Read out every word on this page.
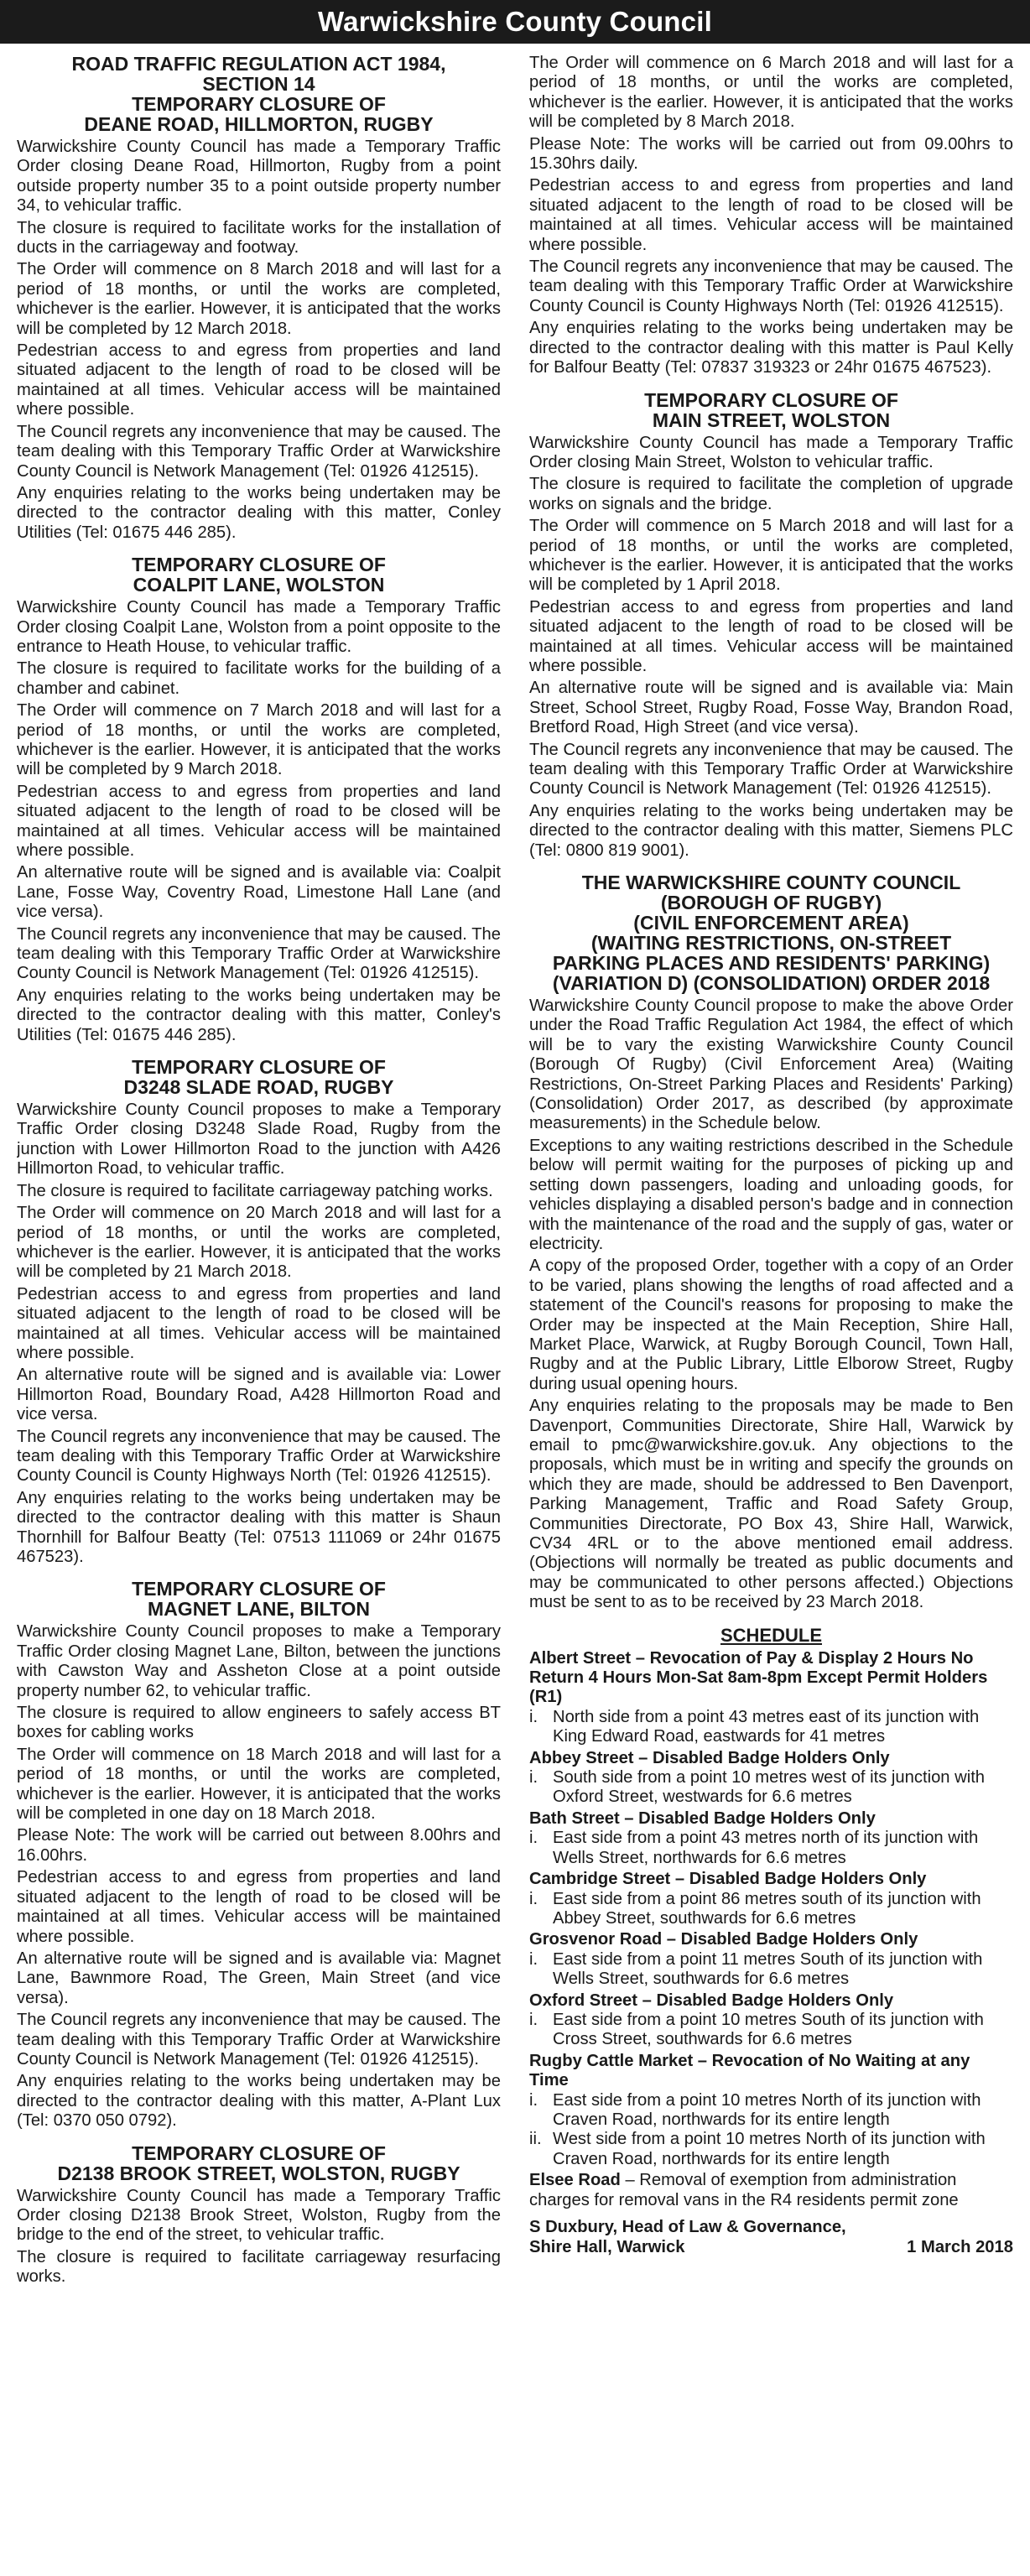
Warwickshire County Council
ROAD TRAFFIC REGULATION ACT 1984,
SECTION 14
TEMPORARY CLOSURE OF
DEANE ROAD, HILLMORTON, RUGBY

Warwickshire County Council has made a Temporary Traffic Order closing Deane Road, Hillmorton, Rugby from a point outside property number 35 to a point outside property number 34, to vehicular traffic.

The closure is required to facilitate works for the installation of ducts in the carriageway and footway.

The Order will commence on 8 March 2018 and will last for a period of 18 months, or until the works are completed, whichever is the earlier. However, it is anticipated that the works will be completed by 12 March 2018.

Pedestrian access to and egress from properties and land situated adjacent to the length of road to be closed will be maintained at all times. Vehicular access will be maintained where possible.

The Council regrets any inconvenience that may be caused. The team dealing with this Temporary Traffic Order at Warwickshire County Council is Network Management (Tel: 01926 412515).

Any enquiries relating to the works being undertaken may be directed to the contractor dealing with this matter, Conley Utilities (Tel: 01675 446 285).

TEMPORARY CLOSURE OF
COALPIT LANE, WOLSTON

Warwickshire County Council has made a Temporary Traffic Order closing Coalpit Lane, Wolston from a point opposite to the entrance to Heath House, to vehicular traffic.

The closure is required to facilitate works for the building of a chamber and cabinet.

The Order will commence on 7 March 2018 and will last for a period of 18 months, or until the works are completed, whichever is the earlier. However, it is anticipated that the works will be completed by 9 March 2018.

Pedestrian access to and egress from properties and land situated adjacent to the length of road to be closed will be maintained at all times. Vehicular access will be maintained where possible.

An alternative route will be signed and is available via: Coalpit Lane, Fosse Way, Coventry Road, Limestone Hall Lane (and vice versa).

The Council regrets any inconvenience that may be caused. The team dealing with this Temporary Traffic Order at Warwickshire County Council is Network Management (Tel: 01926 412515).

Any enquiries relating to the works being undertaken may be directed to the contractor dealing with this matter, Conley's Utilities (Tel: 01675 446 285).

TEMPORARY CLOSURE OF
D3248 SLADE ROAD, RUGBY

Warwickshire County Council proposes to make a Temporary Traffic Order closing D3248 Slade Road, Rugby from the junction with Lower Hillmorton Road to the junction with A426 Hillmorton Road, to vehicular traffic.

The closure is required to facilitate carriageway patching works.

The Order will commence on 20 March 2018 and will last for a period of 18 months, or until the works are completed, whichever is the earlier. However, it is anticipated that the works will be completed by 21 March 2018.

Pedestrian access to and egress from properties and land situated adjacent to the length of road to be closed will be maintained at all times. Vehicular access will be maintained where possible.

An alternative route will be signed and is available via: Lower Hillmorton Road, Boundary Road, A428 Hillmorton Road and vice versa.

The Council regrets any inconvenience that may be caused. The team dealing with this Temporary Traffic Order at Warwickshire County Council is County Highways North (Tel: 01926 412515).

Any enquiries relating to the works being undertaken may be directed to the contractor dealing with this matter is Shaun Thornhill for Balfour Beatty (Tel: 07513 111069 or 24hr 01675 467523).

TEMPORARY CLOSURE OF
MAGNET LANE, BILTON

Warwickshire County Council proposes to make a Temporary Traffic Order closing Magnet Lane, Bilton, between the junctions with Cawston Way and Assheton Close at a point outside property number 62, to vehicular traffic.

The closure is required to allow engineers to safely access BT boxes for cabling works

The Order will commence on 18 March 2018 and will last for a period of 18 months, or until the works are completed, whichever is the earlier. However, it is anticipated that the works will be completed in one day on 18 March 2018.

Please Note: The work will be carried out between 8.00hrs and 16.00hrs.

Pedestrian access to and egress from properties and land situated adjacent to the length of road to be closed will be maintained at all times. Vehicular access will be maintained where possible.

An alternative route will be signed and is available via: Magnet Lane, Bawnmore Road, The Green, Main Street (and vice versa).

The Council regrets any inconvenience that may be caused. The team dealing with this Temporary Traffic Order at Warwickshire County Council is Network Management (Tel: 01926 412515).

Any enquiries relating to the works being undertaken may be directed to the contractor dealing with this matter, A-Plant Lux (Tel: 0370 050 0792).

TEMPORARY CLOSURE OF
D2138 BROOK STREET, WOLSTON, RUGBY

Warwickshire County Council has made a Temporary Traffic Order closing D2138 Brook Street, Wolston, Rugby from the bridge to the end of the street, to vehicular traffic.

The closure is required to facilitate carriageway resurfacing works.

The Order will commence on 6 March 2018 and will last for a period of 18 months, or until the works are completed, whichever is the earlier. However, it is anticipated that the works will be completed by 8 March 2018.

Please Note: The works will be carried out from 09.00hrs to 15.30hrs daily.

Pedestrian access to and egress from properties and land situated adjacent to the length of road to be closed will be maintained at all times. Vehicular access will be maintained where possible.

The Council regrets any inconvenience that may be caused. The team dealing with this Temporary Traffic Order at Warwickshire County Council is County Highways North (Tel: 01926 412515).

Any enquiries relating to the works being undertaken may be directed to the contractor dealing with this matter is Paul Kelly for Balfour Beatty (Tel: 07837 319323 or 24hr 01675 467523).

TEMPORARY CLOSURE OF
MAIN STREET, WOLSTON

Warwickshire County Council has made a Temporary Traffic Order closing Main Street, Wolston to vehicular traffic.

The closure is required to facilitate the completion of upgrade works on signals and the bridge.

The Order will commence on 5 March 2018 and will last for a period of 18 months, or until the works are completed, whichever is the earlier. However, it is anticipated that the works will be completed by 1 April 2018.

Pedestrian access to and egress from properties and land situated adjacent to the length of road to be closed will be maintained at all times. Vehicular access will be maintained where possible.

An alternative route will be signed and is available via: Main Street, School Street, Rugby Road, Fosse Way, Brandon Road, Bretford Road, High Street (and vice versa).

The Council regrets any inconvenience that may be caused. The team dealing with this Temporary Traffic Order at Warwickshire County Council is Network Management (Tel: 01926 412515).

Any enquiries relating to the works being undertaken may be directed to the contractor dealing with this matter, Siemens PLC (Tel: 0800 819 9001).

THE WARWICKSHIRE COUNTY COUNCIL
(BOROUGH OF RUGBY)
(CIVIL ENFORCEMENT AREA)
(WAITING RESTRICTIONS, ON-STREET
PARKING PLACES AND RESIDENTS' PARKING)
(VARIATION D) (CONSOLIDATION) ORDER 2018

Warwickshire County Council propose to make the above Order under the Road Traffic Regulation Act 1984, the effect of which will be to vary the existing Warwickshire County Council (Borough Of Rugby) (Civil Enforcement Area) (Waiting Restrictions, On-Street Parking Places and Residents' Parking) (Consolidation) Order 2017, as described (by approximate measurements) in the Schedule below.

Exceptions to any waiting restrictions described in the Schedule below will permit waiting for the purposes of picking up and setting down passengers, loading and unloading goods, for vehicles displaying a disabled person's badge and in connection with the maintenance of the road and the supply of gas, water or electricity.

A copy of the proposed Order, together with a copy of an Order to be varied, plans showing the lengths of road affected and a statement of the Council's reasons for proposing to make the Order may be inspected at the Main Reception, Shire Hall, Market Place, Warwick, at Rugby Borough Council, Town Hall, Rugby and at the Public Library, Little Elborow Street, Rugby during usual opening hours.

Any enquiries relating to the proposals may be made to Ben Davenport, Communities Directorate, Shire Hall, Warwick by email to pmc@warwickshire.gov.uk. Any objections to the proposals, which must be in writing and specify the grounds on which they are made, should be addressed to Ben Davenport, Parking Management, Traffic and Road Safety Group, Communities Directorate, PO Box 43, Shire Hall, Warwick, CV34 4RL or to the above mentioned email address. (Objections will normally be treated as public documents and may be communicated to other persons affected.) Objections must be sent to as to be received by 23 March 2018.

SCHEDULE

Albert Street – Revocation of Pay & Display 2 Hours No Return 4 Hours Mon-Sat 8am-8pm Except Permit Holders (R1)

i. North side from a point 43 metres east of its junction with King Edward Road, eastwards for 41 metres

Abbey Street – Disabled Badge Holders Only

i. South side from a point 10 metres west of its junction with Oxford Street, westwards for 6.6 metres

Bath Street – Disabled Badge Holders Only

i. East side from a point 43 metres north of its junction with Wells Street, northwards for 6.6 metres

Cambridge Street – Disabled Badge Holders Only

i. East side from a point 86 metres south of its junction with Abbey Street, southwards for 6.6 metres

Grosvenor Road – Disabled Badge Holders Only

i. East side from a point 11 metres South of its junction with Wells Street, southwards for 6.6 metres

Oxford Street – Disabled Badge Holders Only

i. East side from a point 10 metres South of its junction with Cross Street, southwards for 6.6 metres

Rugby Cattle Market – Revocation of No Waiting at any Time

i. East side from a point 10 metres North of its junction with Craven Road, northwards for its entire length
ii. West side from a point 10 metres North of its junction with Craven Road, northwards for its entire length

Elsee Road – Removal of exemption from administration charges for removal vans in the R4 residents permit zone

S Duxbury, Head of Law & Governance,
Shire Hall, Warwick	1 March 2018
